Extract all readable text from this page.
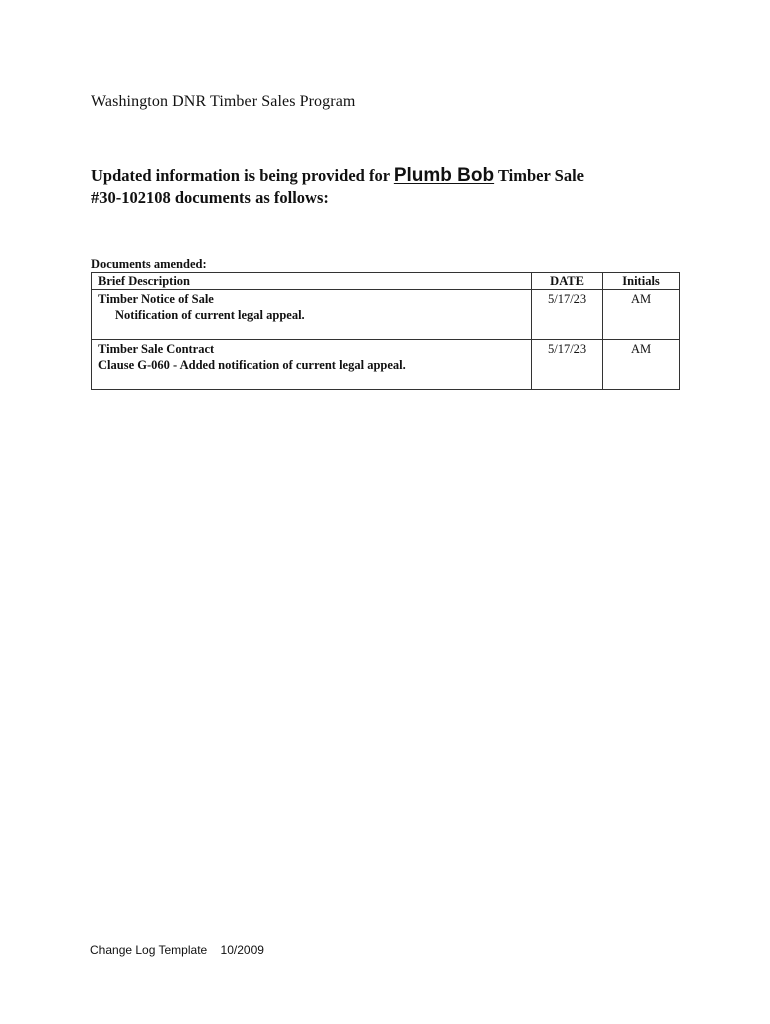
Washington DNR Timber Sales Program
Updated information is being provided for Plumb Bob Timber Sale
#30-102108 documents as follows:
Documents amended:
Brief Description	DATE	Initials

Timber Notice of Sale
Notification of current legal appeal.	5/17/23	AM

Timber Sale Contract
Clause G-060 - Added notification of current legal appeal.	5/17/23	AM
Change Log Template 10/2009
